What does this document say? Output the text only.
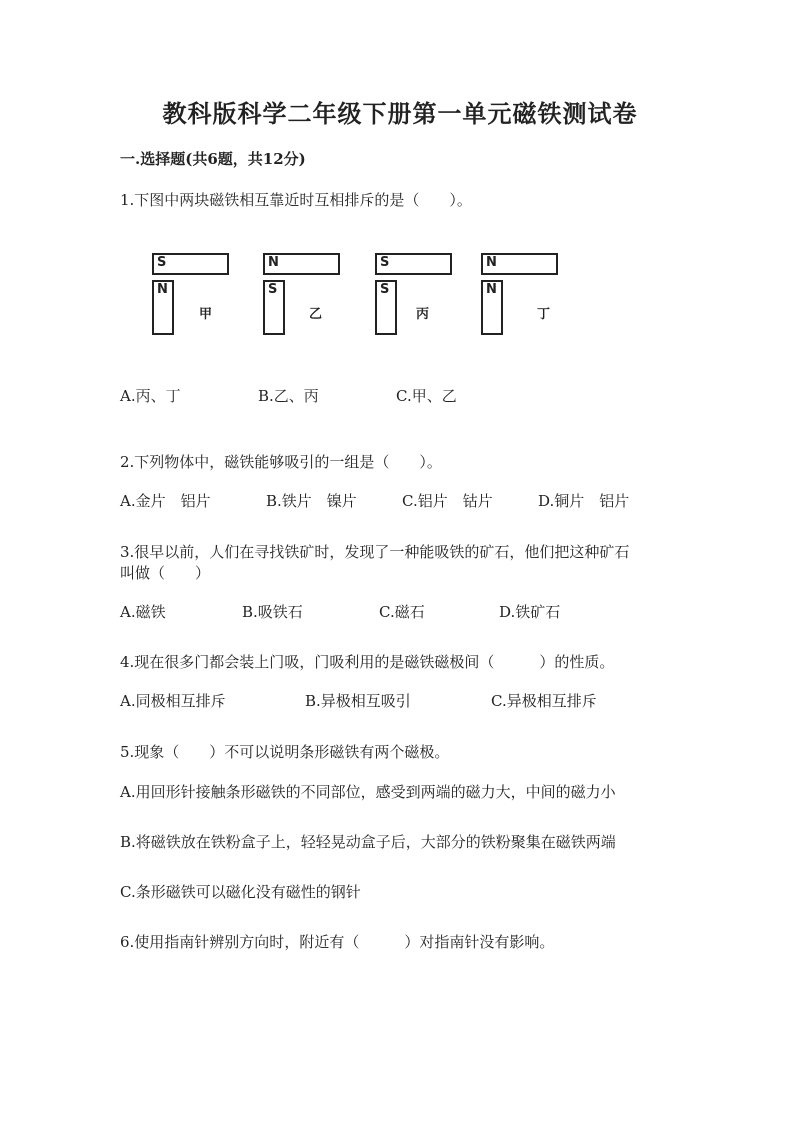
教科版科学二年级下册第一单元磁铁测试卷
一.选择题(共6题，共12分)
1.下图中两块磁铁相互靠近时互相排斥的是（　　）。
S
N
甲
N
S
乙
S
S
丙
N
N
丁
A.丙、丁	B.乙、丙	C.甲、乙
2.下列物体中，磁铁能够吸引的一组是（　　）。
A.金片　铝片	B.铁片　镍片	C.铝片　钴片	D.铜片　铝片
3.很早以前，人们在寻找铁矿时，发现了一种能吸铁的矿石，他们把这种矿石
叫做（　　）
A.磁铁	B.吸铁石	C.磁石	D.铁矿石
4.现在很多门都会装上门吸，门吸利用的是磁铁磁极间（　　　）的性质。
A.同极相互排斥	B.异极相互吸引	C.异极相互排斥
5.现象（　　）不可以说明条形磁铁有两个磁极。
A.用回形针接触条形磁铁的不同部位，感受到两端的磁力大，中间的磁力小
B.将磁铁放在铁粉盒子上，轻轻晃动盒子后，大部分的铁粉聚集在磁铁两端
C.条形磁铁可以磁化没有磁性的钢针
6.使用指南针辨别方向时，附近有（　　　）对指南针没有影响。
